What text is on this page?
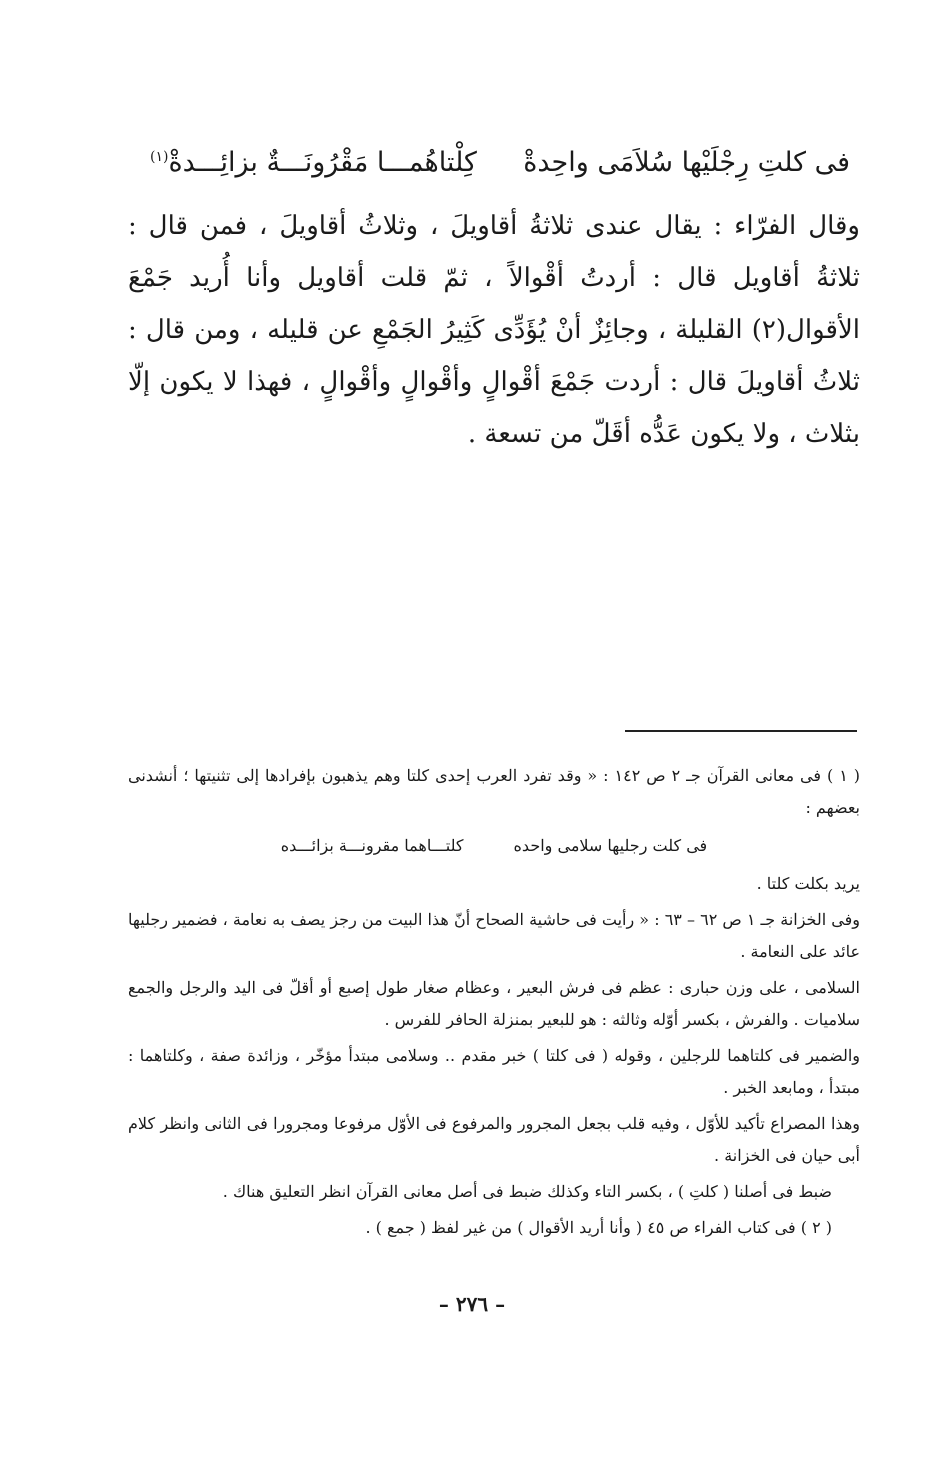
فى كلتِ رِجْلَيْها سُلاَمَى واحِدةْ
كِلْتاهُمـــا مَقْرُونَـــةٌ بزائِـــدةْ$^{(١)}$

وقال الفرّاء : يقال عندى ثلاثةُ أقاويلَ ، وثلاثُ أقاويلَ ، فمن قال : ثلاثةُ أقاويل قال : أردتُ أقْوالاً ، ثمّ قلت أقاويل وأنا أُريد جَمْعَ الأقوال(٢) القليلة ، وجائِزٌ أنْ يُؤَدِّى كَثِيرُ الجَمْعِ عن قليله ، ومن قال : ثلاثُ أقاويلَ قال : أردت جَمْعَ أقْوالٍ وأقْوالٍ وأقْوالٍ ، فهذا لا يكون إلّا بثلاث ، ولا يكون عَدُّه أقَلّ من تسعة .

( ١ ) فى معانى القرآن جـ ٢ ص ١٤٢ : « وقد تفرد العرب إحدى كلتا وهم يذهبون بإفرادها إلى تثنيتها ؛ أنشدنى بعضهم :

فى كلت رجليها سلامى واحده
كلتـــاهما مقرونـــة بزائـــده

يريد بكلت كلتا .

وفى الخزانة جـ ١ ص ٦٢ – ٦٣ : « رأيت فى حاشية الصحاح أنّ هذا البيت من رجز يصف به نعامة ، فضمير رجليها عائد على النعامة .

السلامى ، على وزن حبارى : عظم فى فرش البعير ، وعظام صغار طول إصبع أو أقلّ فى اليد والرجل والجمع سلاميات . والفرش ، بكسر أوّله وثالثه : هو للبعير بمنزلة الحافر للفرس .

والضمير فى كلتاهما للرجلين ، وقوله ( فى كلتا ) خبر مقدم .. وسلامى مبتدأ مؤخّر ، وزائدة صفة ، وكلتاهما : مبتدأ ، ومابعد الخبر .

وهذا المصراع تأكيد للأوّل ، وفيه قلب بجعل المجرور والمرفوع فى الأوّل مرفوعا ومجرورا فى الثانى وانظر كلام أبى حيان فى الخزانة .

ضبط فى أصلنا ( كلتِ ) ، بكسر التاء وكذلك ضبط فى أصل معانى القرآن انظر التعليق هناك .

( ٢ ) فى كتاب الفراء ص ٤٥ ( وأنا أريد الأقوال ) من غير لفظ ( جمع ) .

– ٢٧٦ –
